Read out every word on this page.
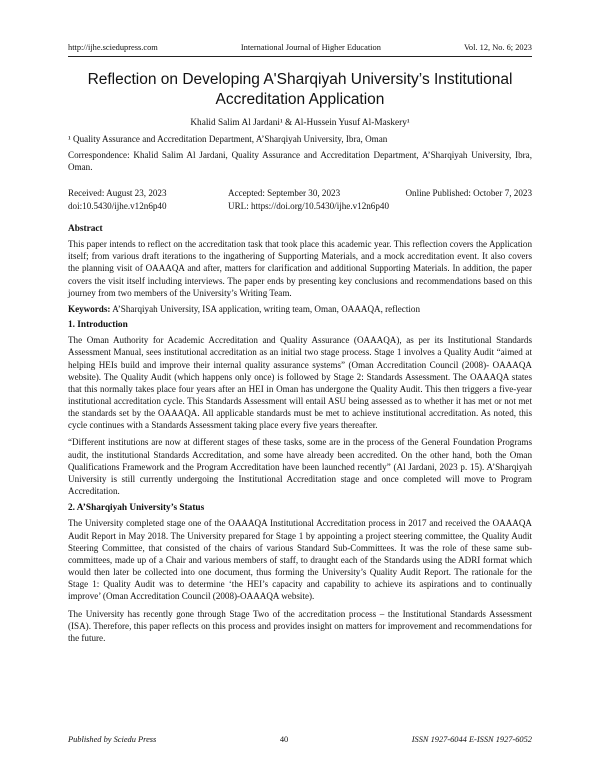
http://ijhe.sciedupress.com	International Journal of Higher Education	Vol. 12, No. 6; 2023
Reflection on Developing A'Sharqiyah University’s Institutional Accreditation Application
Khalid Salim Al Jardani¹ & Al-Hussein Yusuf Al-Maskery¹

¹ Quality Assurance and Accreditation Department, A’Sharqiyah University, Ibra, Oman

Correspondence: Khalid Salim Al Jardani, Quality Assurance and Accreditation Department, A’Sharqiyah University, Ibra, Oman.

Received: August 23, 2023	Accepted: September 30, 2023	Online Published: October 7, 2023
doi:10.5430/ijhe.v12n6p40	URL: https://doi.org/10.5430/ijhe.v12n6p40
Abstract

This paper intends to reflect on the accreditation task that took place this academic year. This reflection covers the Application itself; from various draft iterations to the ingathering of Supporting Materials, and a mock accreditation event. It also covers the planning visit of OAAAQA and after, matters for clarification and additional Supporting Materials. In addition, the paper covers the visit itself including interviews. The paper ends by presenting key conclusions and recommendations based on this journey from two members of the University’s Writing Team.

Keywords: A’Sharqiyah University, ISA application, writing team, Oman, OAAAQA, reflection

1. Introduction

The Oman Authority for Academic Accreditation and Quality Assurance (OAAAQA), as per its Institutional Standards Assessment Manual, sees institutional accreditation as an initial two stage process. Stage 1 involves a Quality Audit “aimed at helping HEIs build and improve their internal quality assurance systems” (Oman Accreditation Council (2008)- OAAAQA website). The Quality Audit (which happens only once) is followed by Stage 2: Standards Assessment. The OAAAQA states that this normally takes place four years after an HEI in Oman has undergone the Quality Audit. This then triggers a five-year institutional accreditation cycle. This Standards Assessment will entail ASU being assessed as to whether it has met or not met the standards set by the OAAAQA. All applicable standards must be met to achieve institutional accreditation. As noted, this cycle continues with a Standards Assessment taking place every five years thereafter.

“Different institutions are now at different stages of these tasks, some are in the process of the General Foundation Programs audit, the institutional Standards Accreditation, and some have already been accredited. On the other hand, both the Oman Qualifications Framework and the Program Accreditation have been launched recently” (Al Jardani, 2023 p. 15). A’Sharqiyah University is still currently undergoing the Institutional Accreditation stage and once completed will move to Program Accreditation.

2. A’Sharqiyah University’s Status

The University completed stage one of the OAAAQA Institutional Accreditation process in 2017 and received the OAAAQA Audit Report in May 2018. The University prepared for Stage 1 by appointing a project steering committee, the Quality Audit Steering Committee, that consisted of the chairs of various Standard Sub-Committees. It was the role of these same sub-committees, made up of a Chair and various members of staff, to draught each of the Standards using the ADRI format which would then later be collected into one document, thus forming the University’s Quality Audit Report. The rationale for the Stage 1: Quality Audit was to determine ‘the HEI’s capacity and capability to achieve its aspirations and to continually improve’ (Oman Accreditation Council (2008)-OAAAQA website).

The University has recently gone through Stage Two of the accreditation process – the Institutional Standards Assessment (ISA). Therefore, this paper reflects on this process and provides insight on matters for improvement and recommendations for the future.

Published by Sciedu Press	40	ISSN 1927-6044 E-ISSN 1927-6052
